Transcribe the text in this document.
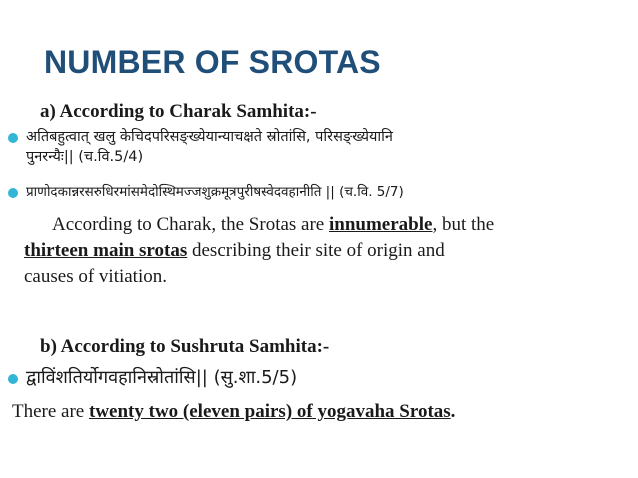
NUMBER OF SROTAS
a) According to Charak Samhita:-
अतिबहुत्वात् खलु केचिदपरिसङ्ख्येयान्याचक्षते स्रोतांसि, परिसङ्ख्येयानि
पुनरन्यैः|| (च.वि.5/4)
प्राणोदकान्नरसरुधिरमांसमेदोस्थिमज्जशुक्रमूत्रपुरीषस्वेदवहानीति || (च.वि. 5/7)
According to Charak, the Srotas are innumerable, but the
thirteen main srotas describing their site of origin and
causes of vitiation.
b) According to Sushruta Samhita:-
द्वाविंशतिर्योगवहानिस्रोतांसि|| (सु.शा.5/5)
There are twenty two (eleven pairs) of yogavaha Srotas.
